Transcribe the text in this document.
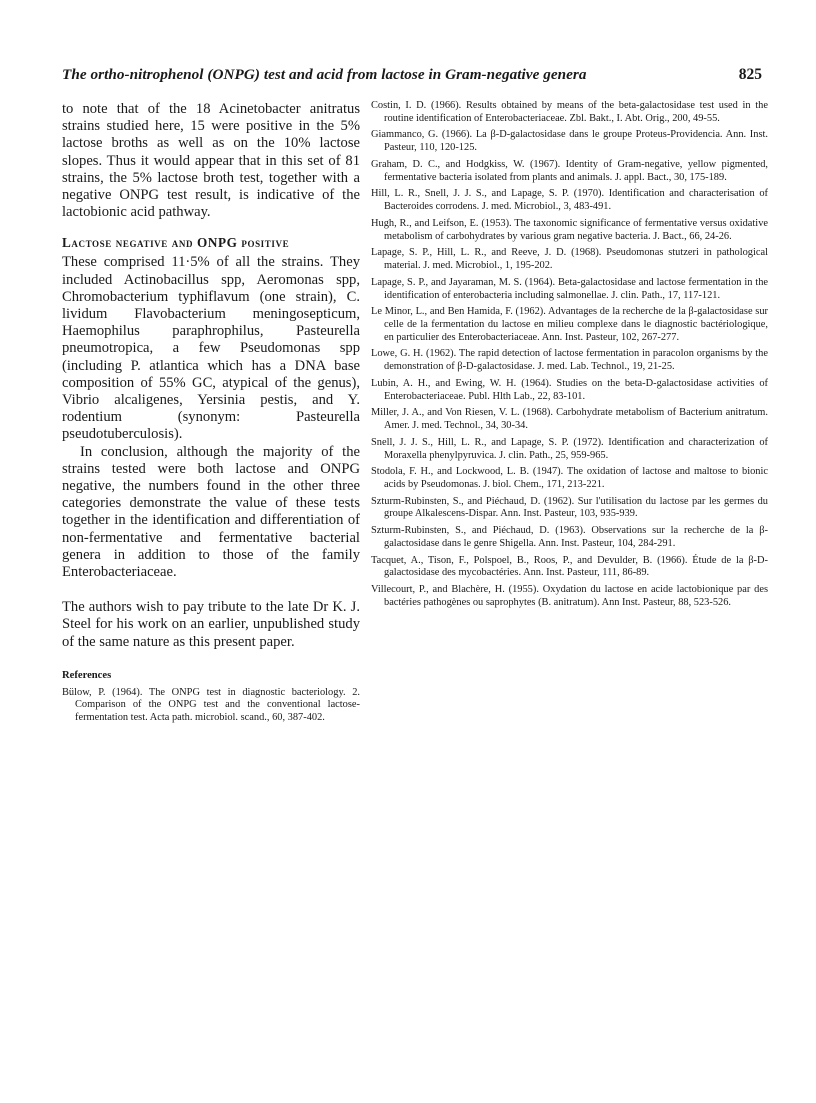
The ortho-nitrophenol (ONPG) test and acid from lactose in Gram-negative genera	825

to note that of the 18 Acinetobacter anitratus strains studied here, 15 were positive in the 5% lactose broths as well as on the 10% lactose slopes. Thus it would appear that in this set of 81 strains, the 5% lactose broth test, together with a negative ONPG test result, is indicative of the lactobionic acid pathway.

Lactose negative and ONPG positive

These comprised 11·5% of all the strains. They included Actinobacillus spp, Aeromonas spp, Chromobacterium typhiflavum (one strain), C. lividum Flavobacterium meningosepticum, Haemophilus paraphrophilus, Pasteurella pneumotropica, a few Pseudomonas spp (including P. atlantica which has a DNA base composition of 55% GC, atypical of the genus), Vibrio alcaligenes, Yersinia pestis, and Y. rodentium (synonym: Pasteurella pseudotuberculosis).

In conclusion, although the majority of the strains tested were both lactose and ONPG negative, the numbers found in the other three categories demonstrate the value of these tests together in the identification and differentiation of non-fermentative and fermentative bacterial genera in addition to those of the family Enterobacteriaceae.

The authors wish to pay tribute to the late Dr K. J. Steel for his work on an earlier, unpublished study of the same nature as this present paper.

References

Bülow, P. (1964). The ONPG test in diagnostic bacteriology. 2. Comparison of the ONPG test and the conventional lactose-fermentation test. Acta path. microbiol. scand., 60, 387-402.

Costin, I. D. (1966). Results obtained by means of the beta-galactosidase test used in the routine identification of Enterobacteriaceae. Zbl. Bakt., I. Abt. Orig., 200, 49-55.

Giammanco, G. (1966). La β-D-galactosidase dans le groupe Proteus-Providencia. Ann. Inst. Pasteur, 110, 120-125.

Graham, D. C., and Hodgkiss, W. (1967). Identity of Gram-negative, yellow pigmented, fermentative bacteria isolated from plants and animals. J. appl. Bact., 30, 175-189.

Hill, L. R., Snell, J. J. S., and Lapage, S. P. (1970). Identification and characterisation of Bacteroides corrodens. J. med. Microbiol., 3, 483-491.

Hugh, R., and Leifson, E. (1953). The taxonomic significance of fermentative versus oxidative metabolism of carbohydrates by various gram negative bacteria. J. Bact., 66, 24-26.

Lapage, S. P., Hill, L. R., and Reeve, J. D. (1968). Pseudomonas stutzeri in pathological material. J. med. Microbiol., 1, 195-202.

Lapage, S. P., and Jayaraman, M. S. (1964). Beta-galactosidase and lactose fermentation in the identification of enterobacteria including salmonellae. J. clin. Path., 17, 117-121.

Le Minor, L., and Ben Hamida, F. (1962). Advantages de la recherche de la β-galactosidase sur celle de la fermentation du lactose en milieu complexe dans le diagnostic bactériologique, en particulier des Enterobacteriaceae. Ann. Inst. Pasteur, 102, 267-277.

Lowe, G. H. (1962). The rapid detection of lactose fermentation in paracolon organisms by the demonstration of β-D-galactosidase. J. med. Lab. Technol., 19, 21-25.

Lubin, A. H., and Ewing, W. H. (1964). Studies on the beta-D-galactosidase activities of Enterobacteriaceae. Publ. Hlth Lab., 22, 83-101.

Miller, J. A., and Von Riesen, V. L. (1968). Carbohydrate metabolism of Bacterium anitratum. Amer. J. med. Technol., 34, 30-34.

Snell, J. J. S., Hill, L. R., and Lapage, S. P. (1972). Identification and characterization of Moraxella phenylpyruvica. J. clin. Path., 25, 959-965.

Stodola, F. H., and Lockwood, L. B. (1947). The oxidation of lactose and maltose to bionic acids by Pseudomonas. J. biol. Chem., 171, 213-221.

Szturm-Rubinsten, S., and Piéchaud, D. (1962). Sur l'utilisation du lactose par les germes du groupe Alkalescens-Dispar. Ann. Inst. Pasteur, 103, 935-939.

Szturm-Rubinsten, S., and Piéchaud, D. (1963). Observations sur la recherche de la β-galactosidase dans le genre Shigella. Ann. Inst. Pasteur, 104, 284-291.

Tacquet, A., Tison, F., Polspoel, B., Roos, P., and Devulder, B. (1966). Étude de la β-D-galactosidase des mycobactéries. Ann. Inst. Pasteur, 111, 86-89.

Villecourt, P., and Blachère, H. (1955). Oxydation du lactose en acide lactobionique par des bactéries pathogènes ou saprophytes (B. anitratum). Ann Inst. Pasteur, 88, 523-526.
